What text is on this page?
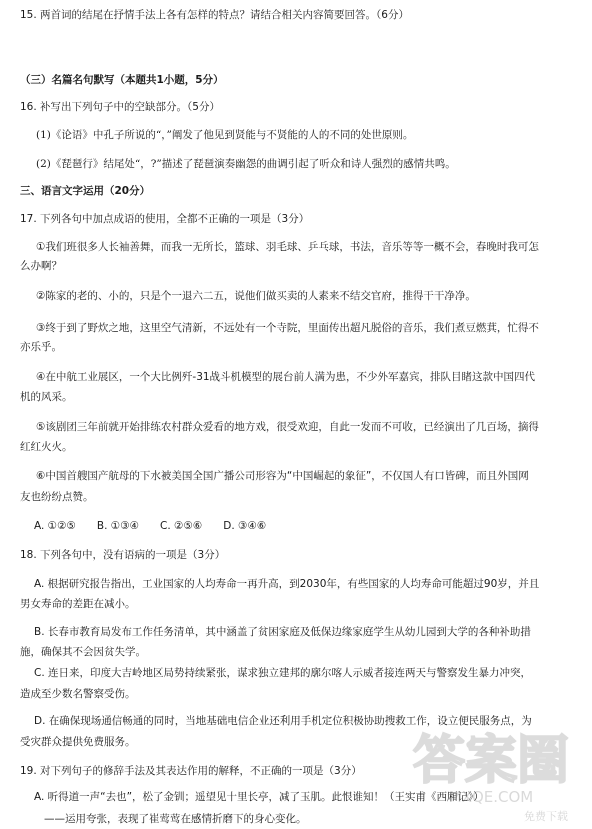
15. 两首词的结尾在抒情手法上各有怎样的特点？请结合相关内容简要回答。（6分）
（三）名篇名句默写（本题共1小题，5分）
16. 补写出下列句子中的空缺部分。（5分）
(1)《论语》中孔子所说的“，”阐发了他见到贤能与不贤能的人的不同的处世原则。
(2)《琵琶行》结尾处“，?”描述了琵琶演奏幽怨的曲调引起了听众和诗人强烈的感情共鸣。
三、语言文字运用（20分）
17. 下列各句中加点成语的使用，全都不正确的一项是（3分）
①我们班很多人长袖善舞，而我一无所长，篮球、羽毛球、乒乓球，书法，音乐等等一概不会，春晚时我可怎
么办啊？
②陈家的老的、小的，只是个一退六二五，说他们做买卖的人素来不结交官府，推得干干净净。
③终于到了野炊之地，这里空气清新，不远处有一个寺院，里面传出超凡脱俗的音乐，我们煮豆燃萁，忙得不
亦乐乎。
④在中航工业展区，一个大比例歼-31战斗机模型的展台前人满为患，不少外军嘉宾，排队目睹这款中国四代
机的风采。
⑤该剧团三年前就开始排练农村群众爱看的地方戏，很受欢迎，自此一发而不可收，已经演出了几百场，摘得
红红火火。
⑥中国首艘国产航母的下水被美国全国广播公司形容为“中国崛起的象征”，不仅国人有口皆碑，而且外国网
友也纷纷点赞。
A. ①②⑤　　B. ①③④　　C. ②⑤⑥　　D. ③④⑥
18. 下列各句中，没有语病的一项是（3分）
A. 根据研究报告指出，工业国家的人均寿命一再升高，到2030年，有些国家的人均寿命可能超过90岁，并且
男女寿命的差距在减小。
B. 长春市教育局发布工作任务清单，其中涵盖了贫困家庭及低保边缘家庭学生从幼儿园到大学的各种补助措
施，确保其不会因贫失学。
C. 连日来，印度大吉岭地区局势持续紧张，谋求独立建邦的廓尔喀人示威者接连两天与警察发生暴力冲突，
造成至少数名警察受伤。
D. 在确保现场通信畅通的同时，当地基础电信企业还利用手机定位积极协助搜救工作，设立便民服务点，为
受灾群众提供免费服务。
19. 对下列句子的修辞手法及其表达作用的解释，不正确的一项是（3分）
A. 听得道一声“去也”，松了金钏；遥望见十里长亭，减了玉肌。此恨谁知！（王实甫《西厢记》）
——运用夸张，表现了崔莺莺在感情折磨下的身心变化。
答案圈
MXQE.COM
免费下载
